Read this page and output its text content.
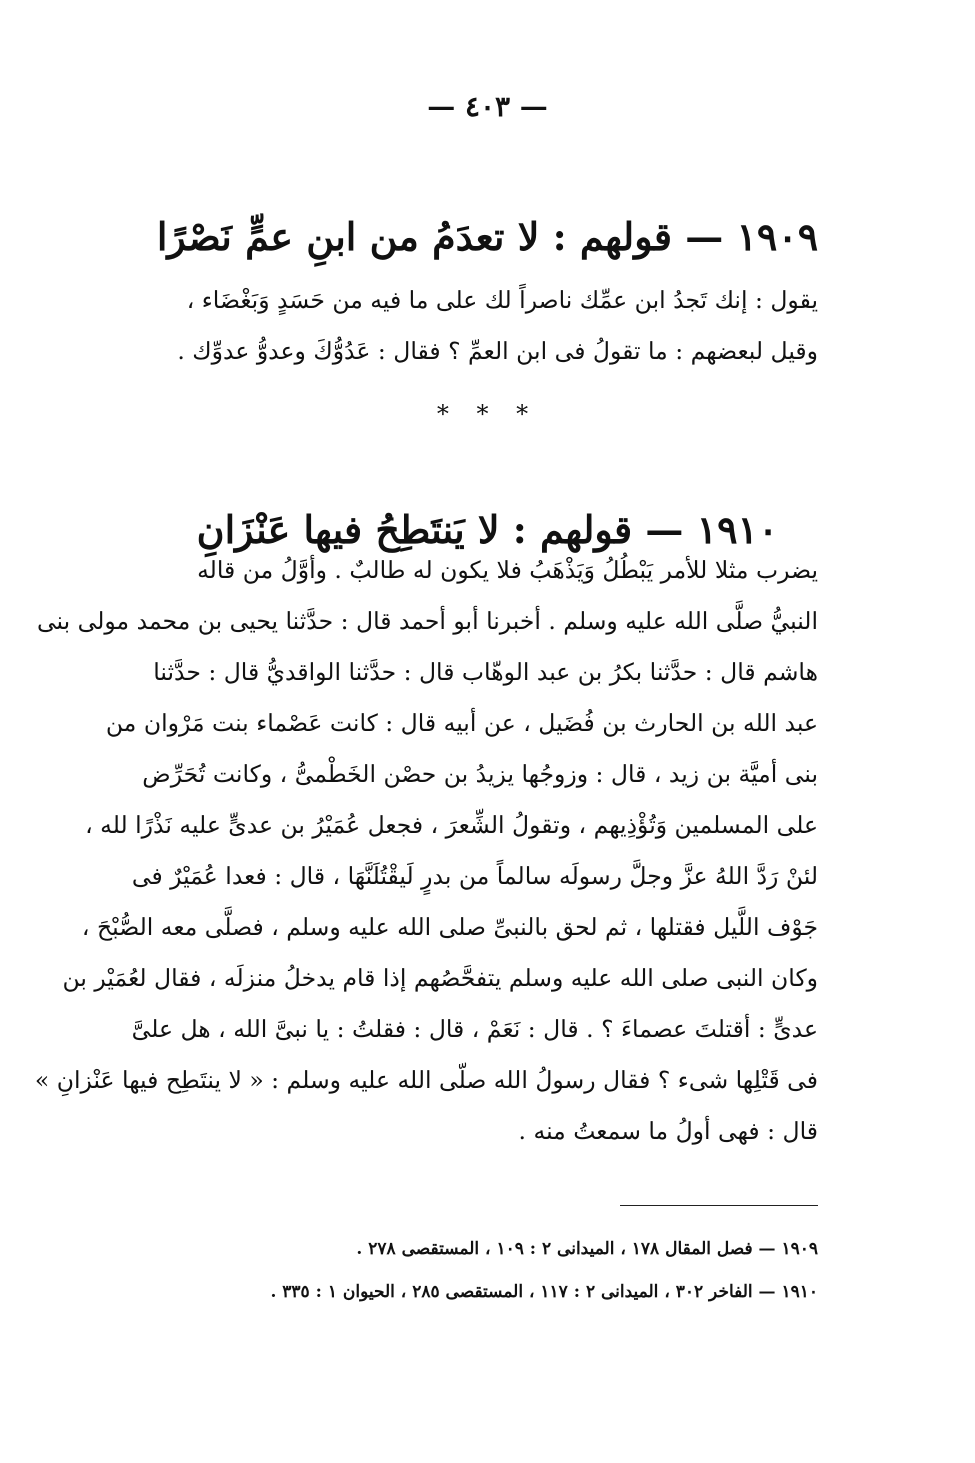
— ٤٠٣ —
١٩٠٩ — قولهم : لا تعدَمُ من ابنِ عمٍّ نَصْرًا
يقول : إنك تَجدُ ابن عمِّك ناصراً لك على ما فيه من حَسَدٍ وَبَغْضَاء ،
وقيل لبعضهم : ما تقولُ فى ابن العمِّ ؟ فقال : عَدُوُّكَ وعدوُّ عدوِّك .
* * *
١٩١٠ — قولهم : لا يَنتَطِحُ فيها عَنْزَانِ
يضرب مثلا للأمر يَبْطُلُ وَيَذْهَبُ فلا يكون له طالبٌ . وأوَّلُ من قاله
النبيُّ صلَّى الله عليه وسلم . أخبرنا أبو أحمد قال : حدَّثنا يحيى بن محمد مولى بنى
هاشم قال : حدَّثنا بكرُ بن عبد الوهّاب قال : حدَّثنا الواقديُّ قال : حدَّثنا
عبد الله بن الحارث بن فُضَيل ، عن أبيه قال : كانت عَصْماء بنت مَرْوان من
بنى أميَّة بن زيد ، قال : وزوجُها يزيدُ بن حصْن الخَطْمىُّ ، وكانت تُحَرِّض
على المسلمين وَتُؤْذِيهم ، وتقولُ الشِّعرَ ، فجعل عُمَيْرُ بن عدىٍّ عليه نَذْرًا لله ،
لئنْ رَدَّ اللهُ عزَّ وجلَّ رسولَه سالماً من بدرٍ لَيقْتُلَنَّهَا ، قال : فعدا عُمَيْرٌ فى
جَوْف اللَّيل فقتلها ، ثم لحق بالنبىِّ صلى الله عليه وسلم ، فصلَّى معه الصُّبْحَ ،
وكان النبى صلى الله عليه وسلم يتفحَّصُهم إذا قام يدخلُ منزلَه ، فقال لعُمَيْر بن
عدىٍّ : أقتلتَ عصماءَ ؟ . قال : نَعَمْ ، قال : فقلتُ : يا نبىَّ الله ، هل علىَّ
فى قَتْلِها شىء ؟ فقال رسولُ الله صلّى الله عليه وسلم : « لا ينتَطِح فيها عَنْزانِ »
قال : فهى أولُ ما سمعتُ منه .
١٩٠٩ — فصل المقال ١٧٨ ، الميدانى ٢ : ١٠٩ ، المستقصى ٢٧٨ .
١٩١٠ — الفاخر ٣٠٢ ، الميدانى ٢ : ١١٧ ، المستقصى ٢٨٥ ، الحيوان ١ : ٣٣٥ .
